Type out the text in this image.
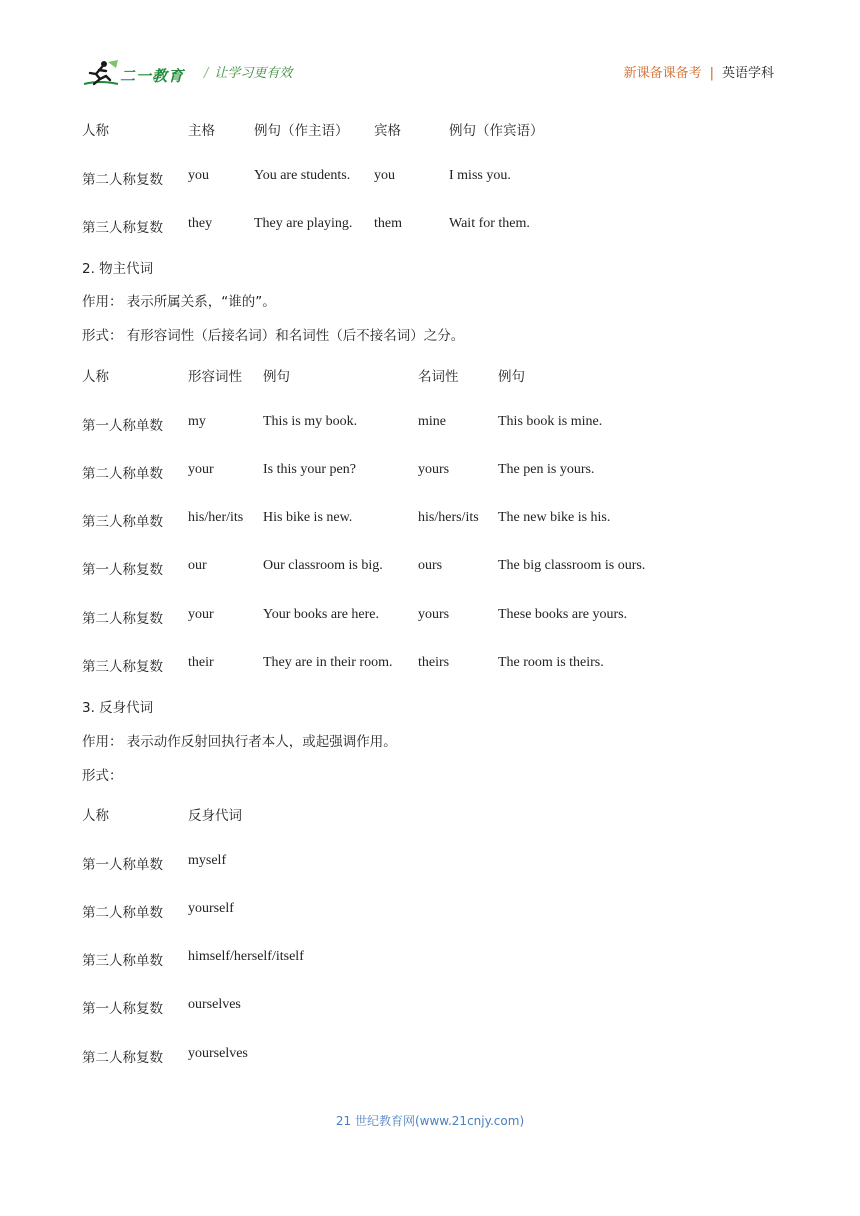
二一教育 / 让学习更有效	新课备课备考 | 英语学科
人称	主格	例句（作主语） 宾格	例句（作宾语）
第二人称复数 you	You are students. you	I miss you.
第三人称复数 they	They are playing. them	Wait for them.
2. 物主代词
作用： 表示所属关系，“谁的”。
形式： 有形容词性（后接名词）和名词性（后不接名词）之分。
人称	形容词性 例句	名词性	例句
第一人称单数 my	This is my book.	mine	This book is mine.
第二人称单数 your	Is this your pen?	yours	The pen is yours.
第三人称单数 his/her/its His bike is new.	his/hers/its The new bike is his.
第一人称复数 our	Our classroom is big.	ours	The big classroom is ours.
第二人称复数 your	Your books are here.	yours	These books are yours.
第三人称复数 their	They are in their room. theirs	The room is theirs.
3. 反身代词
作用： 表示动作反射回执行者本人，或起强调作用。
形式：
人称	反身代词
第一人称单数 myself
第二人称单数 yourself
第三人称单数 himself/herself/itself
第一人称复数 ourselves
第二人称复数 yourselves
21 世纪教育网(www.21cnjy.com)
